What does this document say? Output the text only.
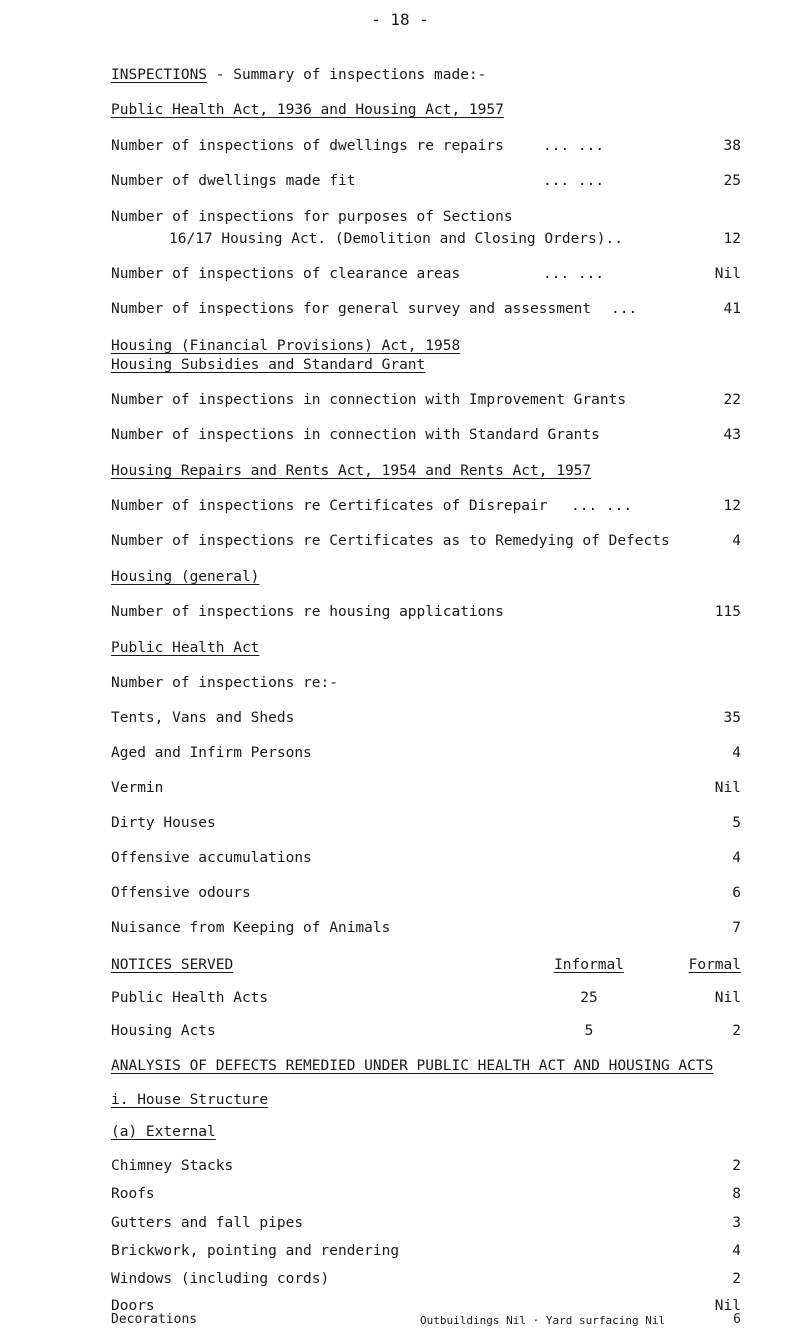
- 18 -
INSPECTIONS - Summary of inspections made:-
Public Health Act, 1936 and Housing Act, 1957
Number of inspections of dwellings re repairs	... ...	38
Number of dwellings made fit	... ...	25
Number of inspections for purposes of Sections
16/17 Housing Act. (Demolition and Closing Orders)..	12
Number of inspections of clearance areas	... ...	Nil
Number of inspections for general survey and assessment ...	41
Housing (Financial Provisions) Act, 1958
Housing Subsidies and Standard Grant
Number of inspections in connection with Improvement Grants	22
Number of inspections in connection with Standard Grants	43
Housing Repairs and Rents Act, 1954 and Rents Act, 1957
Number of inspections re Certificates of Disrepair ... ...	12
Number of inspections re Certificates as to Remedying of Defects	4
Housing (general)
Number of inspections re housing applications	115
Public Health Act
Number of inspections re:-
Tents, Vans and Sheds	35
Aged and Infirm Persons	4
Vermin	Nil
Dirty Houses	5
Offensive accumulations	4
Offensive odours	6
Nuisance from Keeping of Animals	7
NOTICES SERVED	Informal	Formal
Public Health Acts	25	Nil
Housing Acts	5	2
ANALYSIS OF DEFECTS REMEDIED UNDER PUBLIC HEALTH ACT AND HOUSING ACTS
i. House Structure
(a) External
Chimney Stacks	2
Roofs	8
Gutters and fall pipes	3
Brickwork, pointing and rendering	4
Windows (including cords)	2
Doors	Nil
Decorations	6
Outbuildings Nil · Yard surfacing Nil
